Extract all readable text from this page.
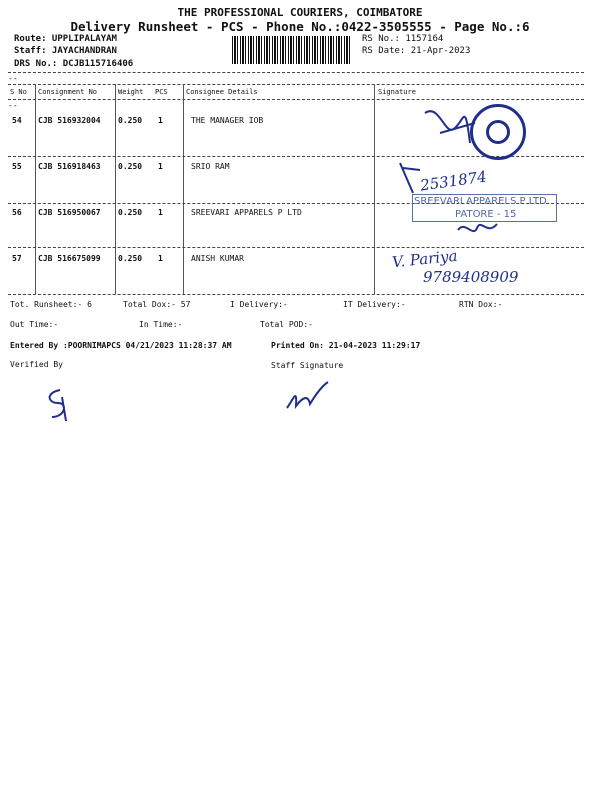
THE PROFESSIONAL COURIERS, COIMBATORE
Delivery Runsheet - PCS - Phone No.:0422-3505555 - Page No.:6
Route: UPPLIPALAYAM
Staff: JAYACHANDRAN
DRS No.: DCJB115716406
RS No.: 1157164
RS Date: 21-Apr-2023
--
S No Consignment No	Weight PCS	Consignee Details	Signature
--
54 CJB 516932004 0.250 1	THE MANAGER IOB
55 CJB 516918463 0.250 1	SRIO RAM
56 CJB 516950067 0.250 1	SREEVARI APPARELS P LTD
57 CJB 516675099 0.250 1	ANISH KUMAR
2531874
SREEVARI APPARELS P LTD
PATORE - 15
V. Pariya
9789408909
Tot. Runsheet:- 6	Total Dox:- 57	I Delivery:-	IT Delivery:-	RTN Dox:-
Out Time:-	In Time:-	Total POD:-
Entered By :POORNIMAPCS 04/21/2023 11:28:37 AM	Printed On: 21-04-2023 11:29:17
Verified By	Staff Signature
